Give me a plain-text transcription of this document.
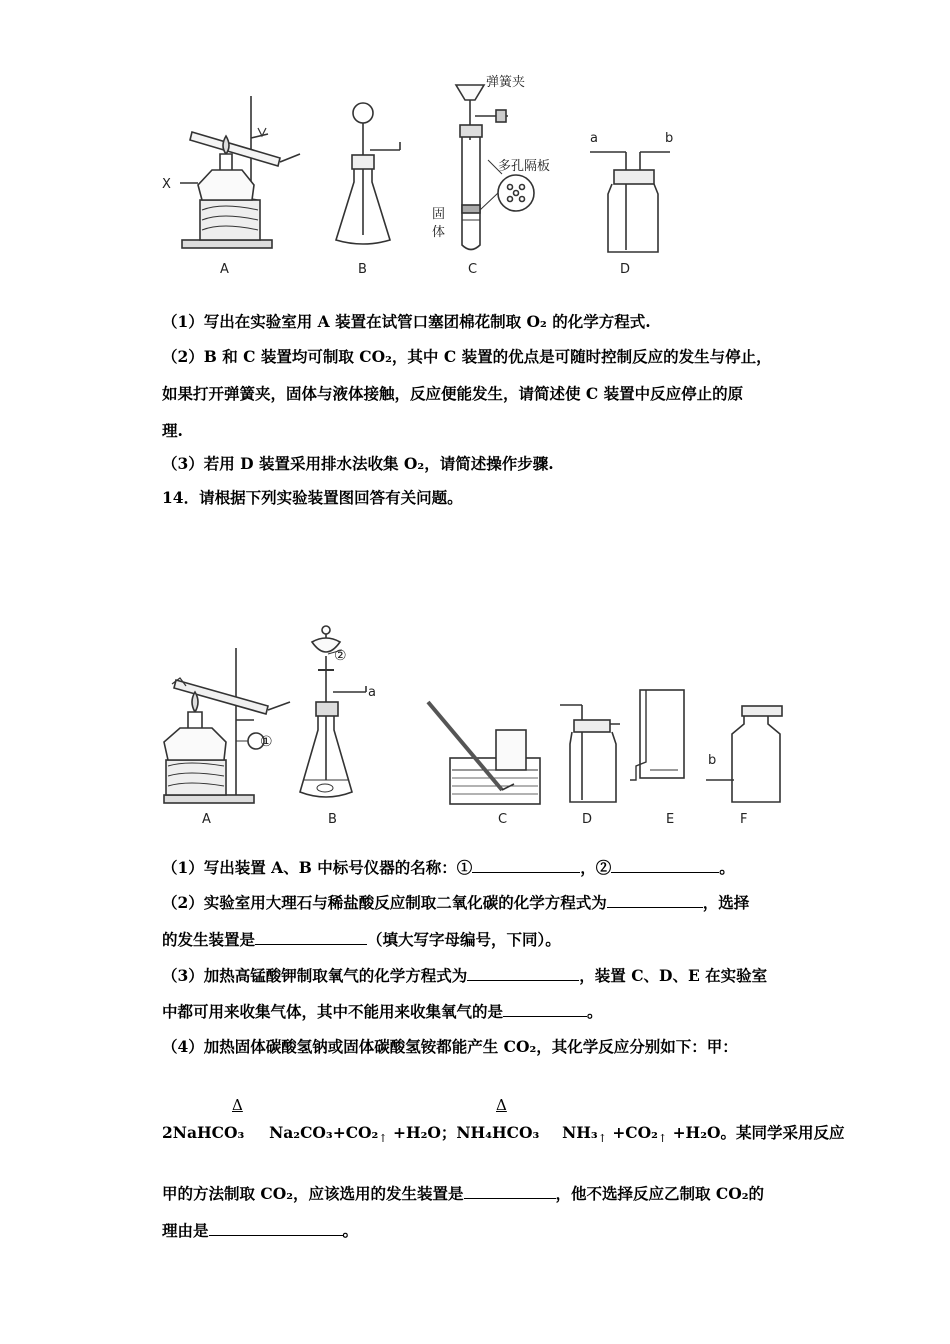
X
弹簧夹
多孔隔板
固
体
a	b
A	B	C	D
（1）写出在实验室用 A 装置在试管口塞团棉花制取 O₂ 的化学方程式.
（2）B 和 C 装置均可制取 CO₂，其中 C 装置的优点是可随时控制反应的发生与停止，
如果打开弹簧夹，固体与液体接触，反应便能发生，请简述使 C 装置中反应停止的原
理.
（3）若用 D 装置采用排水法收集 O₂，请简述操作步骤.
14．请根据下列实验装置图回答有关问题。
①
②
a
b
A	B	C	D	E	F
（1）写出装置 A、B 中标号仪器的名称：①	，②	。
（2）实验室用大理石与稀盐酸反应制取二氧化碳的化学方程式为	，选择
的发生装置是	（填大写字母编号，下同）。
（3）加热高锰酸钾制取氧气的化学方程式为	，装置 C、D、E 在实验室
中都可用来收集气体，其中不能用来收集氧气的是	。
（4）加热固体碳酸氢钠或固体碳酸氢铵都能产生 CO₂，其化学反应分别如下：甲：
Δ	Δ
2NaHCO₃ $Na_2CO_3+CO_2_↑ +H_2O$；NH₄HCO₃ $NH_3_↑ +CO_2_↑ +H_2O$。某同学采用反应
甲的方法制取 CO₂，应该选用的发生装置是	，他不选择反应乙制取 CO₂的
理由是	。
